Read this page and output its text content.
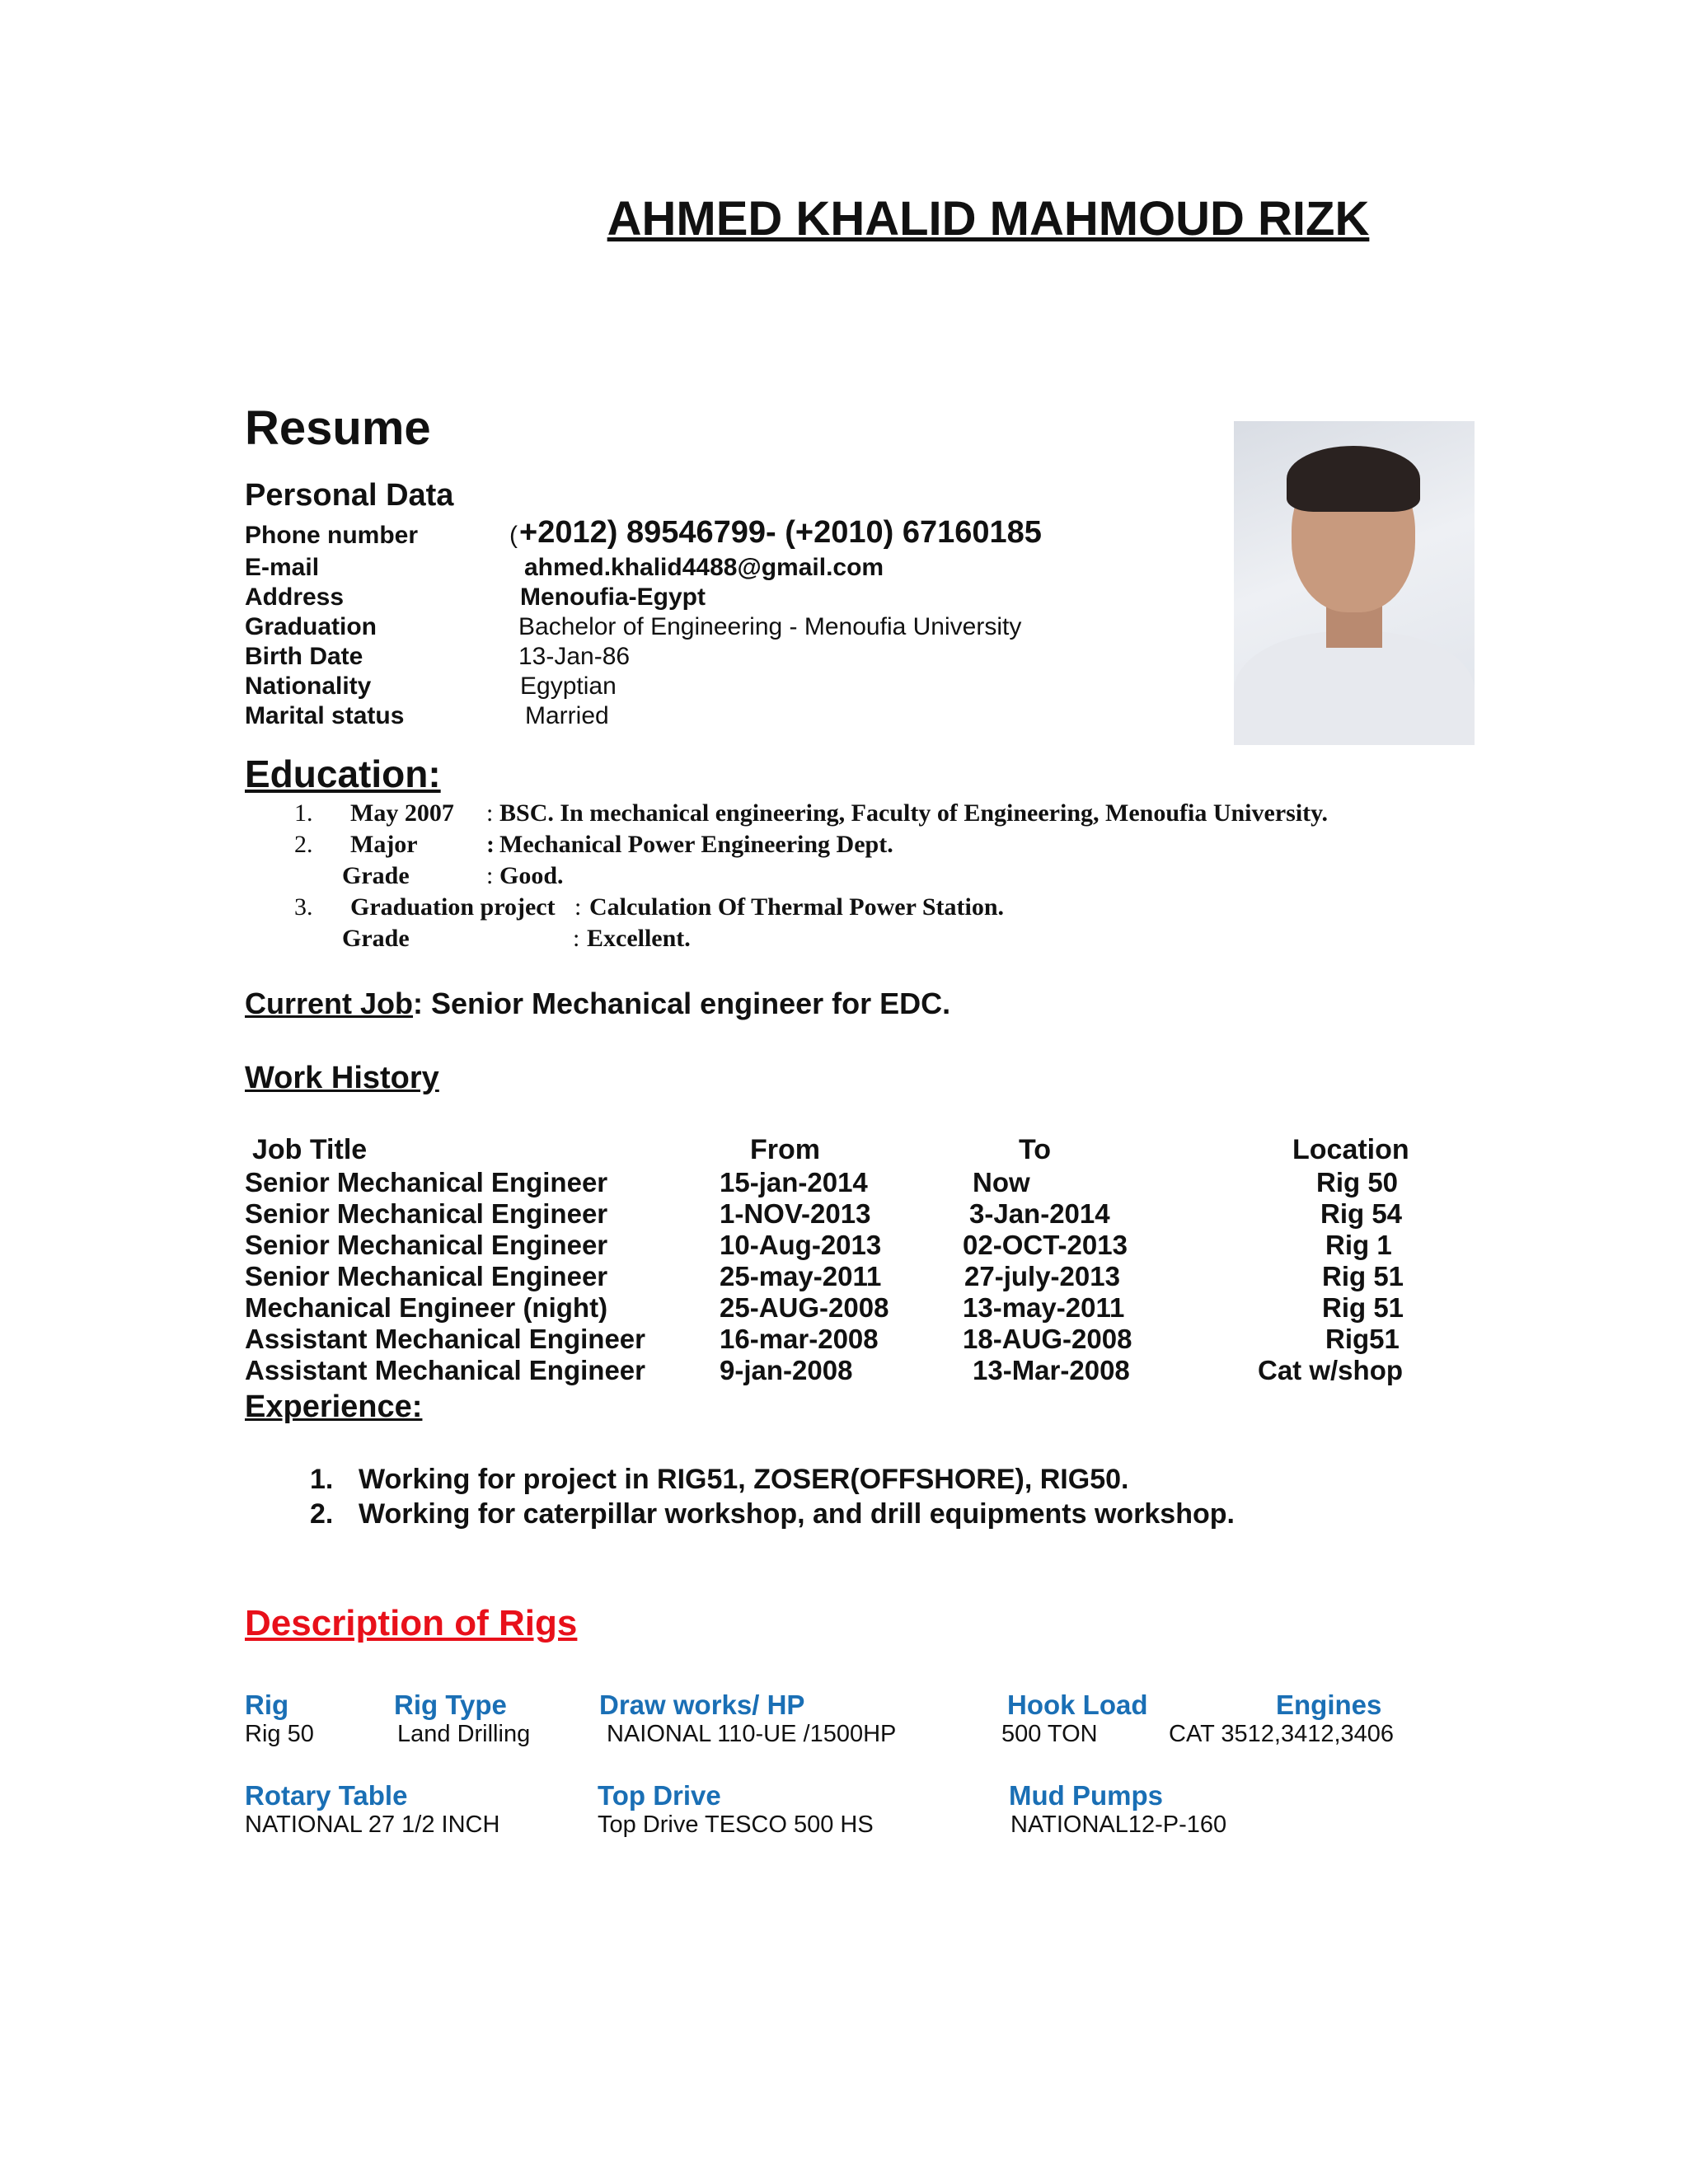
AHMED KHALID MAHMOUD RIZK
Resume
Personal Data
Phone number	( +2012) 89546799- (+2010) 67160185
E-mail	ahmed.khalid4488@gmail.com
Address	Menoufia-Egypt
Graduation	Bachelor of Engineering - Menoufia University
Birth Date	13-Jan-86
Nationality	Egyptian
Marital status	Married
Education:
1. May 2007 : BSC. In mechanical engineering, Faculty of Engineering, Menoufia University.
2. Major	: Mechanical Power Engineering Dept.
Grade	: Good.
3. Graduation project : Calculation Of Thermal Power Station.
Grade	: Excellent.
Current Job: Senior Mechanical engineer for EDC.
Work History
Job Title	From	To	Location
Senior Mechanical Engineer	15-jan-2014	Now	Rig 50
Senior Mechanical Engineer	1-NOV-2013	3-Jan-2014	Rig 54
Senior Mechanical Engineer	10-Aug-2013	02-OCT-2013	Rig 1
Senior Mechanical Engineer	25-may-2011	27-july-2013	Rig 51
Mechanical Engineer (night)	25-AUG-2008	13-may-2011	Rig 51
Assistant Mechanical Engineer	16-mar-2008	18-AUG-2008	Rig51
Assistant Mechanical Engineer	9-jan-2008	13-Mar-2008	Cat w/shop
Experience:
1. Working for project in RIG51, ZOSER(OFFSHORE), RIG50.
2. Working for caterpillar workshop, and drill equipments workshop.
Description of Rigs
Rig	Rig Type	Draw works/ HP	Hook Load	Engines
Rig 50	Land Drilling	NAIONAL 110-UE /1500HP	500 TON	CAT 3512,3412,3406
Rotary Table	Top Drive	Mud Pumps
NATIONAL 27 1/2 INCH	Top Drive TESCO 500 HS	NATIONAL12-P-160
